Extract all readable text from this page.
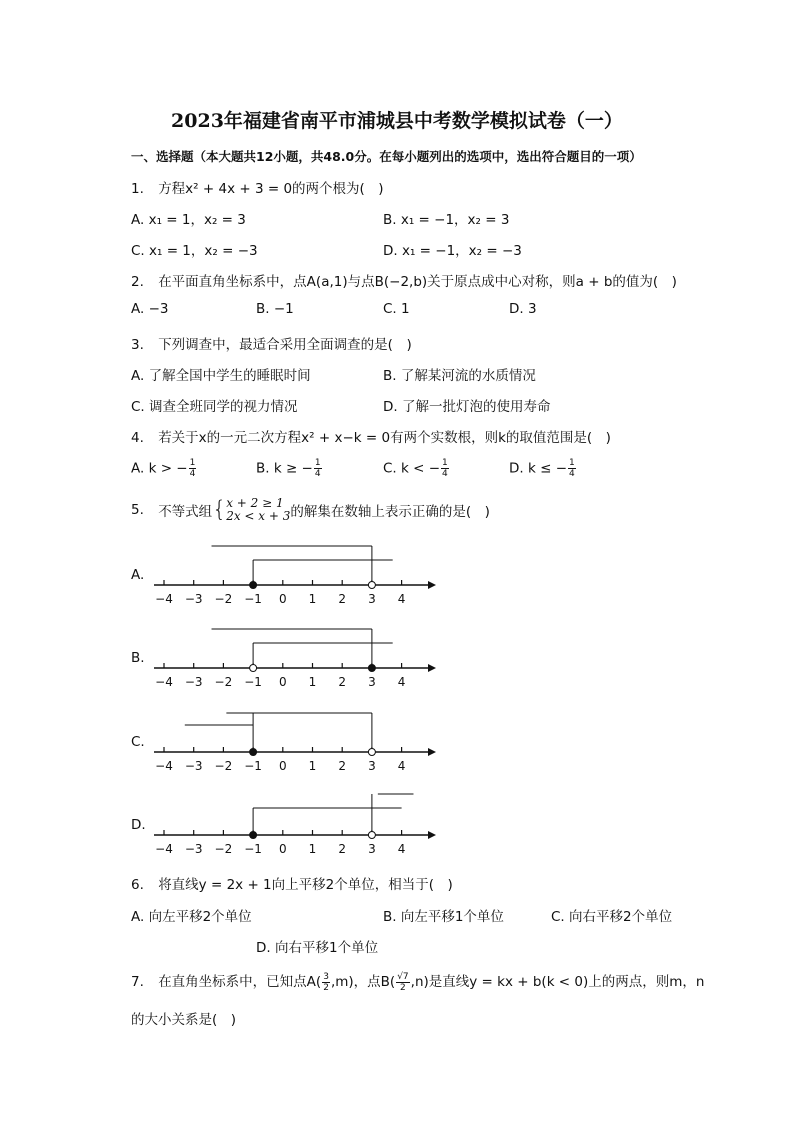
2023年福建省南平市浦城县中考数学模拟试卷（一）
一、选择题（本大题共12小题，共48.0分。在每小题列出的选项中，选出符合题目的一项）
1. 方程x² + 4x + 3 = 0的两个根为(　)
A. x₁ = 1，x₂ = 3	B. x₁ = −1，x₂ = 3
C. x₁ = 1，x₂ = −3	D. x₁ = −1，x₂ = −3
2. 在平面直角坐标系中，点A(a,1)与点B(−2,b)关于原点成中心对称，则a + b的值为(　)
A. −3	B. −1	C. 1	D. 3
3. 下列调查中，最适合采用全面调查的是(　)
A. 了解全国中学生的睡眠时间	B. 了解某河流的水质情况
C. 调查全班同学的视力情况	D. 了解一批灯泡的使用寿命
4. 若关于x的一元二次方程x² + x−k = 0有两个实数根，则k的取值范围是(　)
A. k > − $\frac{1}{4}$	B. k ≥ − $\frac{1}{4}$	C. k < − $\frac{1}{4}$	D. k ≤ − $\frac{1}{4}$
5. 不等式组{ x + 2 ≥ 1
2x < x + 3 的解集在数轴上表示正确的是(　)
A.
−4 −3 −2 −1 0 1 2 3 4
B.
−4 −3 −2 −1 0 1 2 3 4
C.
−4 −3 −2 −1 0 1 2 3 4
D.
−4 −3 −2 −1 0 1 2 3 4
6. 将直线y = 2x + 1向上平移2个单位，相当于(　)
A. 向左平移2个单位	B. 向左平移1个单位	C. 向右平移2个单位
D. 向右平移1个单位
7. 在直角坐标系中，已知点$A( \frac{3}{2} ,m)$，点$B( \frac{√7}{2} ,n)$是直线y = kx + b(k < 0)上的两点，则m，n
的大小关系是(　)
